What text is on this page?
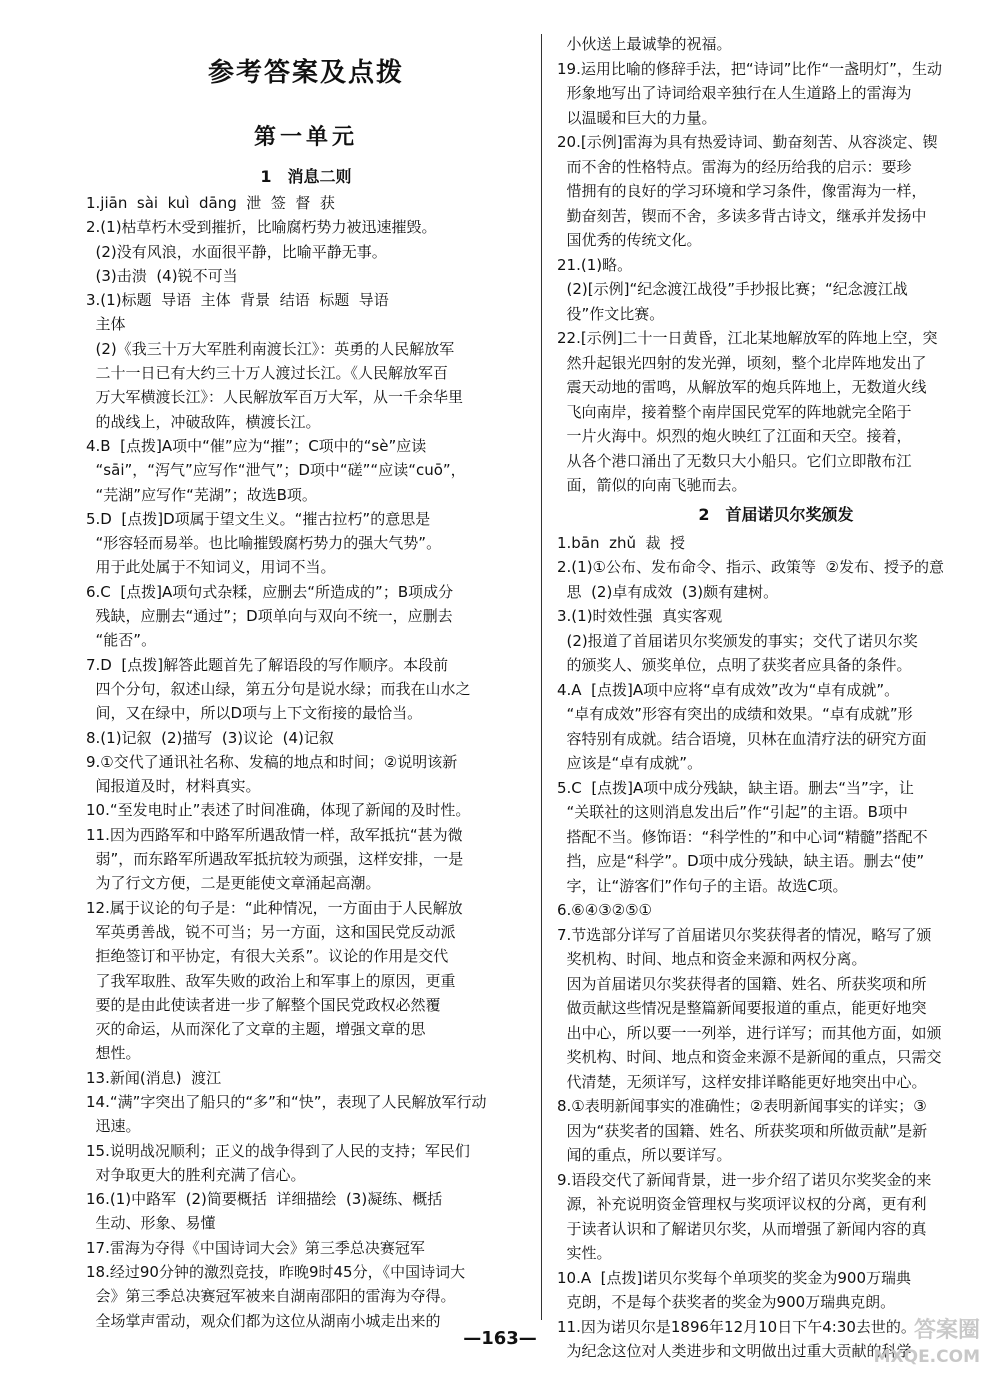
参考答案及点拨
第一单元
1　消息二则
1.jiān  sài  kuì  dāng  泄  签  督  获
2.(1)枯草朽木受到摧折，比喻腐朽势力被迅速摧毁。
(2)没有风浪，水面很平静，比喻平静无事。
(3)击溃  (4)锐不可当
3.(1)标题  导语  主体  背景  结语  标题  导语
主体
(2)《我三十万大军胜利南渡长江》：英勇的人民解放军
二十一日已有大约三十万人渡过长江。《人民解放军百
万大军横渡长江》：人民解放军百万大军，从一千余华里
的战线上，冲破敌阵，横渡长江。
4.B  [点拨]A项中“催”应为“摧”；C项中的“sè”应读
“sāi”，“泻气”应写作“泄气”；D项中“磋”“应读“cuō”，
“芫湖”应写作“芜湖”；故选B项。
5.D  [点拨]D项属于望文生义。“摧古拉朽”的意思是
“形容轻而易举。也比喻摧毁腐朽势力的强大气势”。
用于此处属于不知词义，用词不当。
6.C  [点拨]A项句式杂糅，应删去“所造成的”；B项成分
残缺，应删去“通过”；D项单向与双向不统一，应删去
“能否”。
7.D  [点拨]解答此题首先了解语段的写作顺序。本段前
四个分句，叙述山绿，第五分句是说水绿；而我在山水之
间，又在绿中，所以D项与上下文衔接的最恰当。
8.(1)记叙  (2)描写  (3)议论  (4)记叙
9.①交代了通讯社名称、发稿的地点和时间；②说明该新
闻报道及时，材料真实。
10.“至发电时止”表述了时间准确，体现了新闻的及时性。
11.因为西路军和中路军所遇敌情一样，敌军抵抗“甚为微
弱”，而东路军所遇敌军抵抗较为顽强，这样安排，一是
为了行文方便，二是更能使文章涌起高潮。
12.属于议论的句子是：“此种情况，一方面由于人民解放
军英勇善战，锐不可当；另一方面，这和国民党反动派
拒绝签订和平协定，有很大关系”。议论的作用是交代
了我军取胜、敌军失败的政治上和军事上的原因，更重
要的是由此使读者进一步了解整个国民党政权必然覆
灭的命运，从而深化了文章的主题，增强文章的思
想性。
13.新闻(消息)  渡江
14.“满”字突出了船只的“多”和“快”，表现了人民解放军行动
迅速。
15.说明战况顺利；正义的战争得到了人民的支持；军民们
对争取更大的胜利充满了信心。
16.(1)中路军  (2)简要概括  详细描绘  (3)凝练、概括
生动、形象、易懂
17.雷海为夺得《中国诗词大会》第三季总决赛冠军
18.经过90分钟的激烈竞技，昨晚9时45分，《中国诗词大
会》第三季总决赛冠军被来自湖南邵阳的雷海为夺得。
全场掌声雷动，观众们都为这位从湖南小城走出来的
小伙送上最诚挚的祝福。
19.运用比喻的修辞手法，把“诗词”比作“一盏明灯”，生动
形象地写出了诗词给艰辛独行在人生道路上的雷海为
以温暖和巨大的力量。
20.[示例]雷海为具有热爱诗词、勤奋刻苦、从容淡定、锲
而不舍的性格特点。雷海为的经历给我的启示：要珍
惜拥有的良好的学习环境和学习条件，像雷海为一样，
勤奋刻苦，锲而不舍，多读多背古诗文，继承并发扬中
国优秀的传统文化。
21.(1)略。
(2)[示例]“纪念渡江战役”手抄报比赛；“纪念渡江战
役”作文比赛。
22.[示例]二十一日黄昏，江北某地解放军的阵地上空，突
然升起银光四射的发光弹，顷刻，整个北岸阵地发出了
震天动地的雷鸣，从解放军的炮兵阵地上，无数道火线
飞向南岸，接着整个南岸国民党军的阵地就完全陷于
一片火海中。炽烈的炮火映红了江面和天空。接着，
从各个港口涌出了无数只大小船只。它们立即散布江
面，箭似的向南飞驰而去。
2　首届诺贝尔奖颁发
1.bān  zhǔ  裁  授
2.(1)①公布、发布命令、指示、政策等  ②发布、授予的意
思  (2)卓有成效  (3)颇有建树。
3.(1)时效性强  真实客观
(2)报道了首届诺贝尔奖颁发的事实；交代了诺贝尔奖
的颁奖人、颁奖单位，点明了获奖者应具备的条件。
4.A  [点拨]A项中应将“卓有成效”改为“卓有成就”。
“卓有成效”形容有突出的成绩和效果。“卓有成就”形
容特别有成就。结合语境，贝林在血清疗法的研究方面
应该是“卓有成就”。
5.C  [点拨]A项中成分残缺，缺主语。删去“当”字，让
“关联社的这则消息发出后”作“引起”的主语。B项中
搭配不当。修饰语：“科学性的”和中心词“精髓”搭配不
挡，应是“科学”。D项中成分残缺，缺主语。删去“使”
字，让“游客们”作句子的主语。故选C项。
6.⑥④③②⑤①
7.节选部分详写了首届诺贝尔奖获得者的情况，略写了颁
奖机构、时间、地点和资金来源和两权分离。
因为首届诺贝尔奖获得者的国籍、姓名、所获奖项和所
做贡献这些情况是整篇新闻要报道的重点，能更好地突
出中心，所以要一一列举，进行详写；而其他方面，如颁
奖机构、时间、地点和资金来源不是新闻的重点，只需交
代清楚，无须详写，这样安排详略能更好地突出中心。
8.①表明新闻事实的准确性；②表明新闻事实的详实；③
因为“获奖者的国籍、姓名、所获奖项和所做贡献”是新
闻的重点，所以要详写。
9.语段交代了新闻背景，进一步介绍了诺贝尔奖奖金的来
源，补充说明资金管理权与奖项评议权的分离，更有利
于读者认识和了解诺贝尔奖，从而增强了新闻内容的真
实性。
10.A  [点拨]诺贝尔奖每个单项奖的奖金为900万瑞典
克朗，不是每个获奖者的奖金为900万瑞典克朗。
11.因为诺贝尔是1896年12月10日下午4:30去世的。
为纪念这位对人类进步和文明做出过重大贡献的科学
—163—	答案圈
MXQE.COM
